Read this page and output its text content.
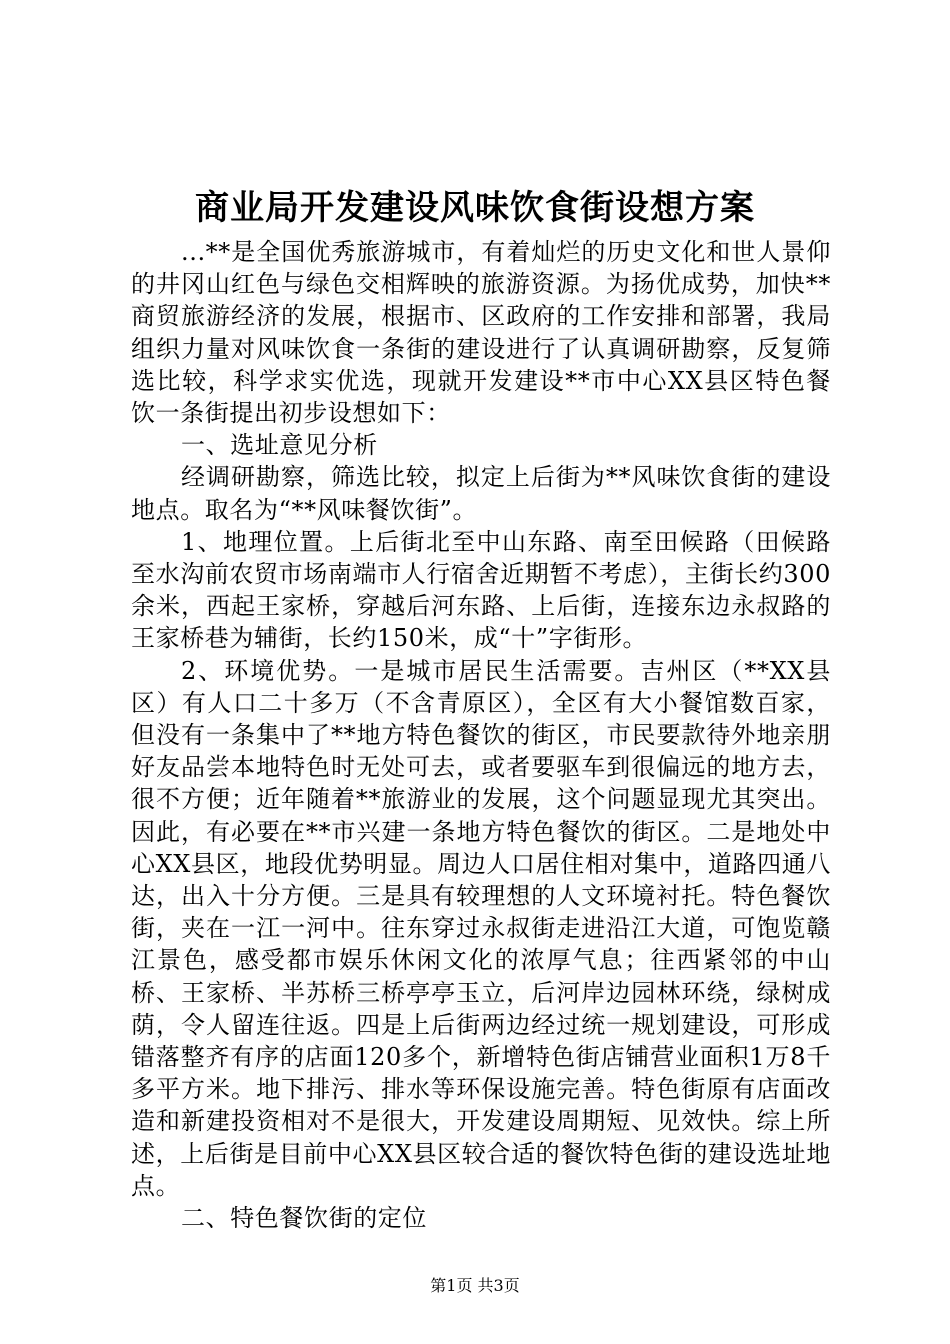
商业局开发建设风味饮食街设想方案

...**是全国优秀旅游城市，有着灿烂的历史文化和世人景仰的井冈山红色与绿色交相辉映的旅游资源。为扬优成势，加快**商贸旅游经济的发展，根据市、区政府的工作安排和部署，我局组织力量对风味饮食一条街的建设进行了认真调研勘察，反复筛选比较，科学求实优选，现就开发建设**市中心XX县区特色餐饮一条街提出初步设想如下：

一、选址意见分析

经调研勘察，筛选比较，拟定上后街为**风味饮食街的建设地点。取名为“**风味餐饮街”。

1、地理位置。上后街北至中山东路、南至田候路（田候路至水沟前农贸市场南端市人行宿舍近期暂不考虑），主街长约300余米，西起王家桥，穿越后河东路、上后街，连接东边永叔路的王家桥巷为辅街，长约150米，成“十”字街形。

2、环境优势。一是城市居民生活需要。吉州区（**XX县区）有人口二十多万（不含青原区），全区有大小餐馆数百家，但没有一条集中了**地方特色餐饮的街区，市民要款待外地亲朋好友品尝本地特色时无处可去，或者要驱车到很偏远的地方去，很不方便；近年随着**旅游业的发展，这个问题显现尤其突出。因此，有必要在**市兴建一条地方特色餐饮的街区。二是地处中心XX县区，地段优势明显。周边人口居住相对集中，道路四通八达，出入十分方便。三是具有较理想的人文环境衬托。特色餐饮街，夹在一江一河中。往东穿过永叔街走进沿江大道，可饱览赣江景色，感受都市娱乐休闲文化的浓厚气息；往西紧邻的中山桥、王家桥、半苏桥三桥亭亭玉立，后河岸边园林环绕，绿树成荫，令人留连往返。四是上后街两边经过统一规划建设，可形成错落整齐有序的店面120多个，新增特色街店铺营业面积1万8千多平方米。地下排污、排水等环保设施完善。特色街原有店面改造和新建投资相对不是很大，开发建设周期短、见效快。综上所述，上后街是目前中心XX县区较合适的餐饮特色街的建设选址地点。

二、特色餐饮街的定位

第1页 共3页
